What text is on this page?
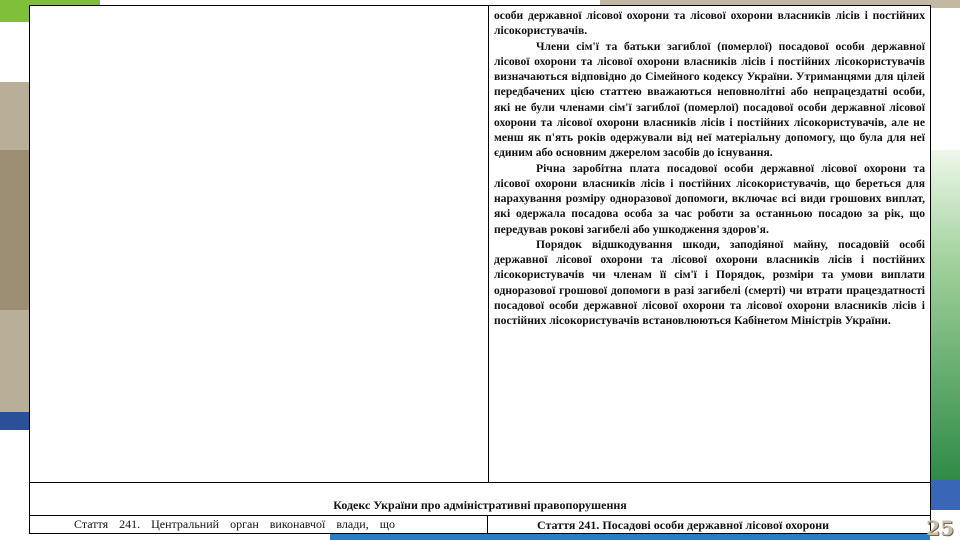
особи державної лісової охорони та лісової охорони власників лісів і постійних лісокористувачів.

Члени сім'ї та батьки загиблої (померлої) посадової особи державної лісової охорони та лісової охорони власників лісів і постійних лісокористувачів визначаються відповідно до Сімейного кодексу України. Утриманцями для цілей передбачених цією статтею вважаються неповнолітні або непрацездатні особи, які не були членами сім'ї загиблої (померлої) посадової особи державної лісової охорони та лісової охорони власників лісів і постійних лісокористувачів, але не менш як п'ять років одержували від неї матеріальну допомогу, що була для неї єдиним або основним джерелом засобів до існування.

Річна заробітна плата посадової особи державної лісової охорони та лісової охорони власників лісів і постійних лісокористувачів, що береться для нарахування розміру одноразової допомоги, включає всі види грошових виплат, які одержала посадова особа за час роботи за останньою посадою за рік, що передував рокові загибелі або ушкодження здоров'я.

Порядок відшкодування шкоди, заподіяної майну, посадовій особі державної лісової охорони та лісової охорони власників лісів і постійних лісокористувачів чи членам її сім'ї і Порядок, розміри та умови виплати одноразової грошової допомоги в разі загибелі (смерті) чи втрати працездатності посадової особи державної лісової охорони та лісової охорони власників лісів і постійних лісокористувачів встановлюються Кабінетом Міністрів України.

Кодекс України про адміністративні правопорушення
Стаття 241. Центральний орган виконавчої влади, що	Стаття 241. Посадові особи державної лісової охорони	25
